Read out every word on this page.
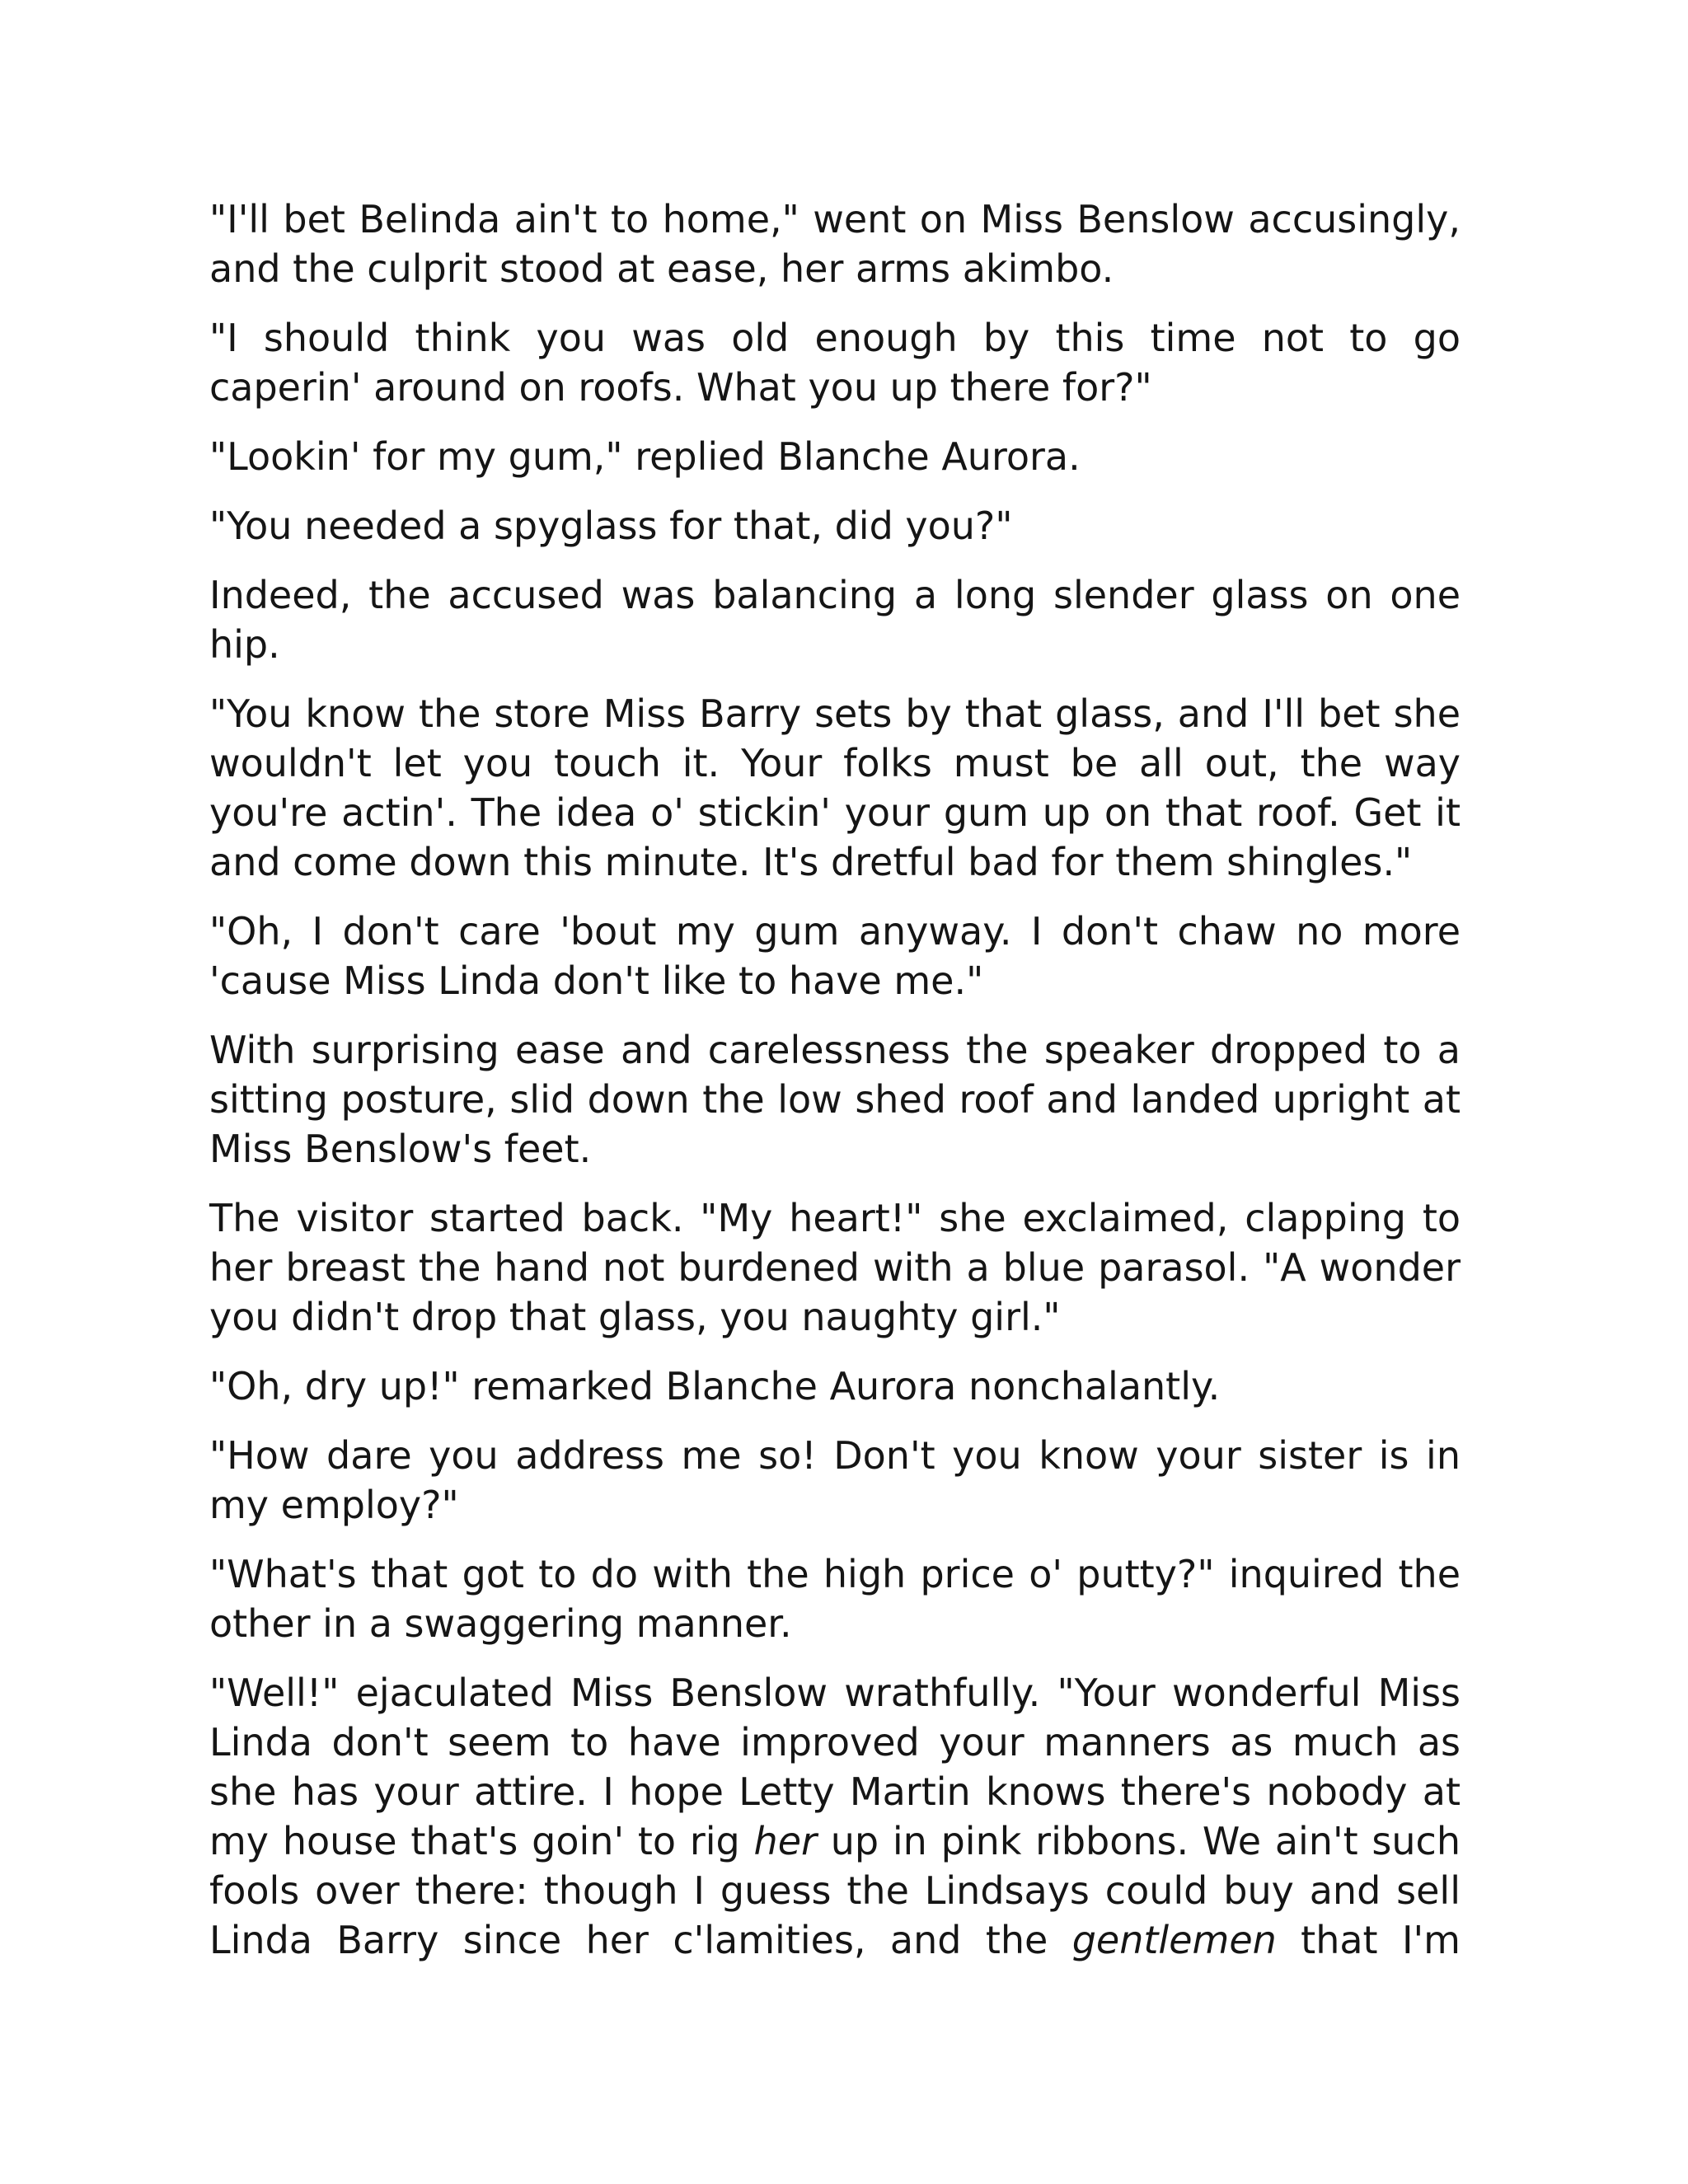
"I'll bet Belinda ain't to home," went on Miss Benslow accusingly, and the culprit stood at ease, her arms akimbo.

"I should think you was old enough by this time not to go caperin' around on roofs. What you up there for?"

"Lookin' for my gum," replied Blanche Aurora.

"You needed a spyglass for that, did you?"

Indeed, the accused was balancing a long slender glass on one hip.

"You know the store Miss Barry sets by that glass, and I'll bet she wouldn't let you touch it. Your folks must be all out, the way you're actin'. The idea o' stickin' your gum up on that roof. Get it and come down this minute. It's dretful bad for them shingles."

"Oh, I don't care 'bout my gum anyway. I don't chaw no more 'cause Miss Linda don't like to have me."

With surprising ease and carelessness the speaker dropped to a sitting posture, slid down the low shed roof and landed upright at Miss Benslow's feet.

The visitor started back. "My heart!" she exclaimed, clapping to her breast the hand not burdened with a blue parasol. "A wonder you didn't drop that glass, you naughty girl."

"Oh, dry up!" remarked Blanche Aurora nonchalantly.

"How dare you address me so! Don't you know your sister is in my employ?"

"What's that got to do with the high price o' putty?" inquired the other in a swaggering manner.

"Well!" ejaculated Miss Benslow wrathfully. "Your wonderful Miss Linda don't seem to have improved your manners as much as she has your attire. I hope Letty Martin knows there's nobody at my house that's goin' to rig her up in pink ribbons. We ain't such fools over there: though I guess the Lindsays could buy and sell Linda Barry since her c'lamities, and the gentlemen that I'm
